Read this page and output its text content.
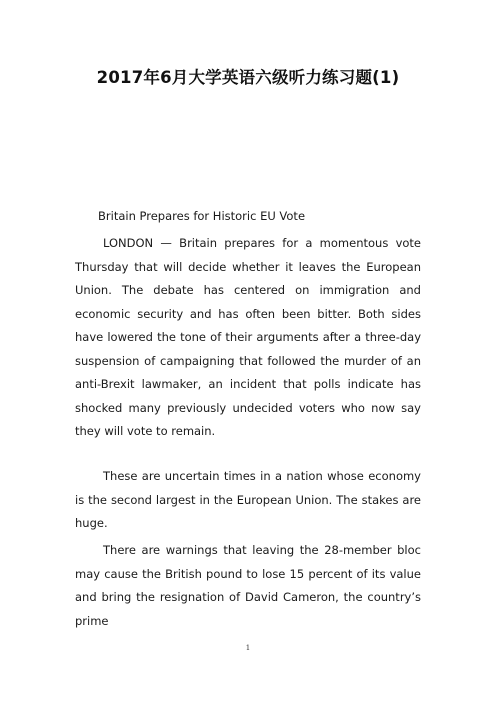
2017年6月大学英语六级听力练习题(1)
Britain Prepares for Historic EU Vote

LONDON — Britain prepares for a momentous vote Thursday that will decide whether it leaves the European Union. The debate has centered on immigration and economic security and has often been bitter. Both sides have lowered the tone of their arguments after a three-day suspension of campaigning that followed the murder of an anti-Brexit lawmaker, an incident that polls indicate has shocked many previously undecided voters who now say they will vote to remain.

These are uncertain times in a nation whose economy is the second largest in the European Union. The stakes are huge.

There are warnings that leaving the 28-member bloc may cause the British pound to lose 15 percent of its value and bring the resignation of David Cameron, the country’s prime

1
